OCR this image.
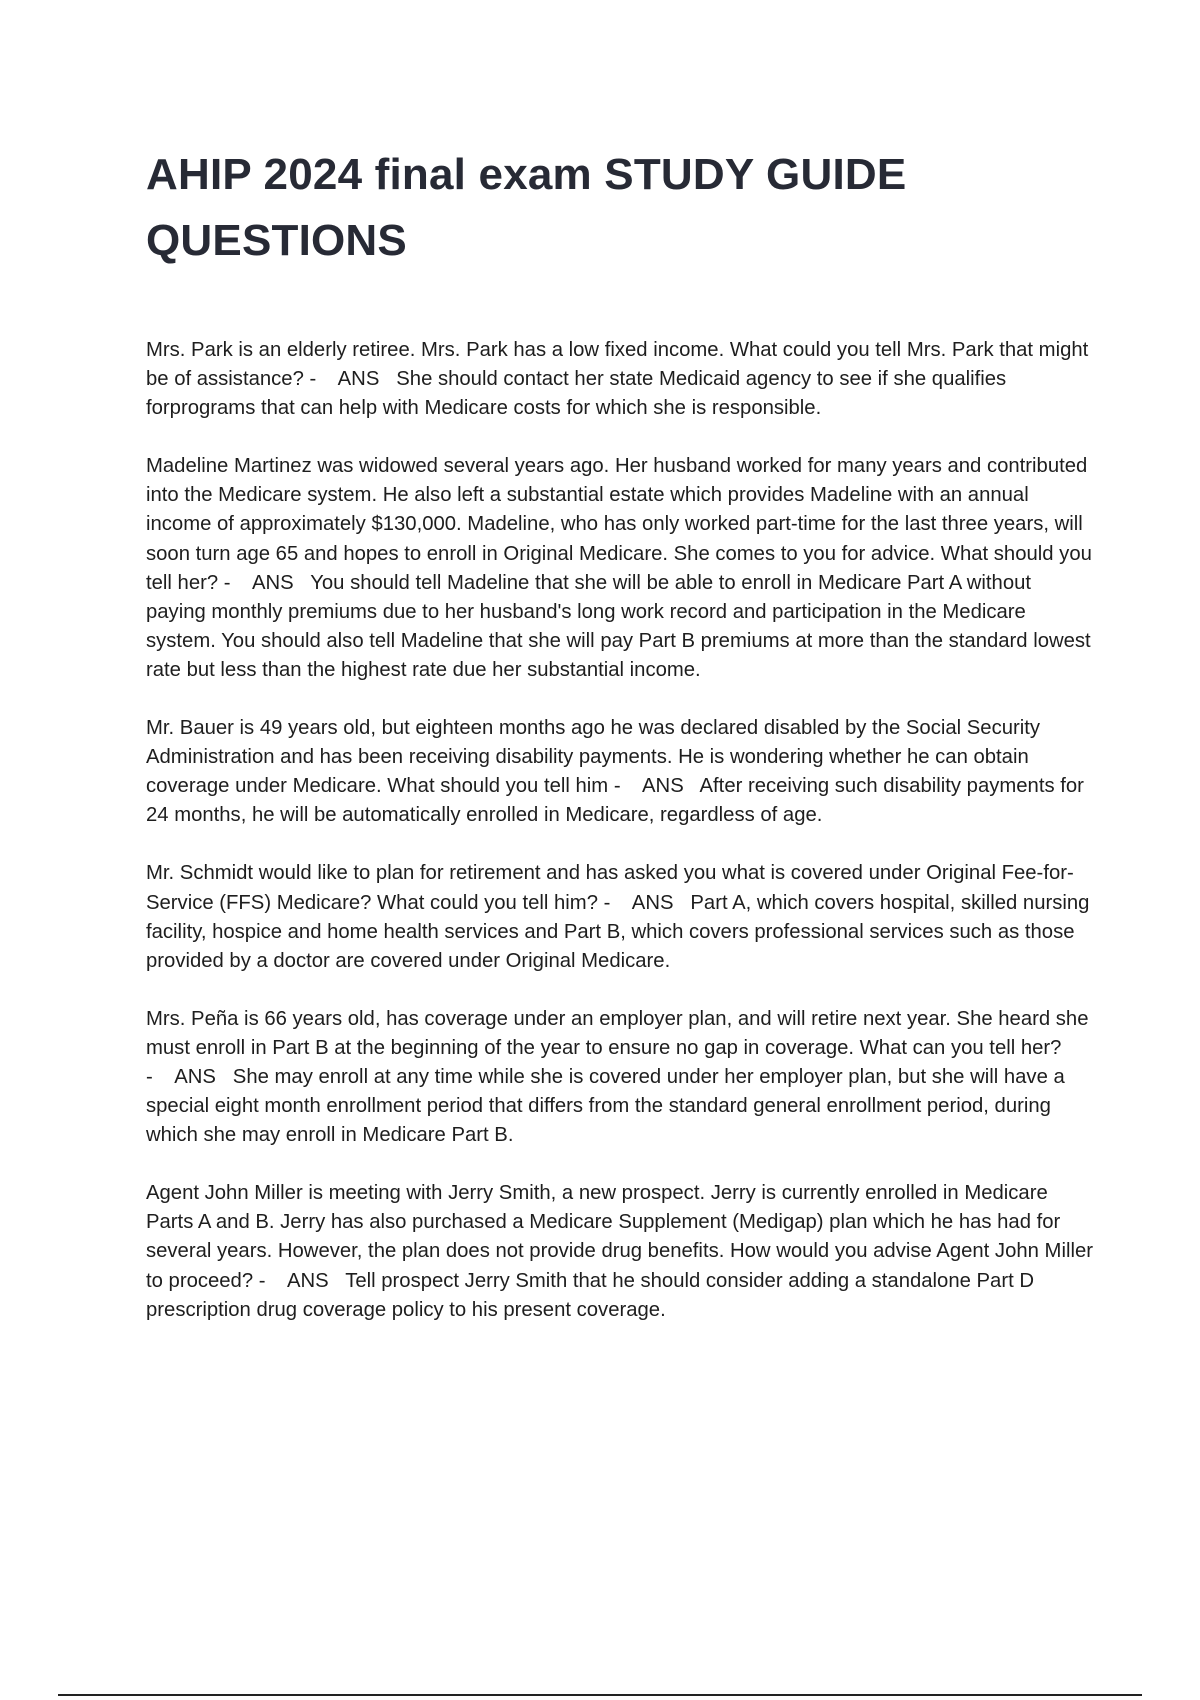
AHIP 2024 final exam STUDY GUIDE QUESTIONS

Mrs. Park is an elderly retiree. Mrs. Park has a low fixed income. What could you tell Mrs. Park that might be of assistance? - ANS She should contact her state Medicaid agency to see if she qualifies forprograms that can help with Medicare costs for which she is responsible.

Madeline Martinez was widowed several years ago. Her husband worked for many years and contributed into the Medicare system. He also left a substantial estate which provides Madeline with an annual income of approximately $130,000. Madeline, who has only worked part-time for the last three years, will soon turn age 65 and hopes to enroll in Original Medicare. She comes to you for advice. What should you tell her? - ANS You should tell Madeline that she will be able to enroll in Medicare Part A without paying monthly premiums due to her husband's long work record and participation in the Medicare system. You should also tell Madeline that she will pay Part B premiums at more than the standard lowest rate but less than the highest rate due her substantial income.

Mr. Bauer is 49 years old, but eighteen months ago he was declared disabled by the Social Security Administration and has been receiving disability payments. He is wondering whether he can obtain coverage under Medicare. What should you tell him - ANS After receiving such disability payments for 24 months, he will be automatically enrolled in Medicare, regardless of age.

Mr. Schmidt would like to plan for retirement and has asked you what is covered under Original Fee-for-Service (FFS) Medicare? What could you tell him? - ANS Part A, which covers hospital, skilled nursing facility, hospice and home health services and Part B, which covers professional services such as those provided by a doctor are covered under Original Medicare.

Mrs. Peña is 66 years old, has coverage under an employer plan, and will retire next year. She heard she must enroll in Part B at the beginning of the year to ensure no gap in coverage. What can you tell her? - ANS She may enroll at any time while she is covered under her employer plan, but she will have a special eight month enrollment period that differs from the standard general enrollment period, during which she may enroll in Medicare Part B.

Agent John Miller is meeting with Jerry Smith, a new prospect. Jerry is currently enrolled in Medicare Parts A and B. Jerry has also purchased a Medicare Supplement (Medigap) plan which he has had for several years. However, the plan does not provide drug benefits. How would you advise Agent John Miller to proceed? - ANS Tell prospect Jerry Smith that he should consider adding a standalone Part D prescription drug coverage policy to his present coverage.
